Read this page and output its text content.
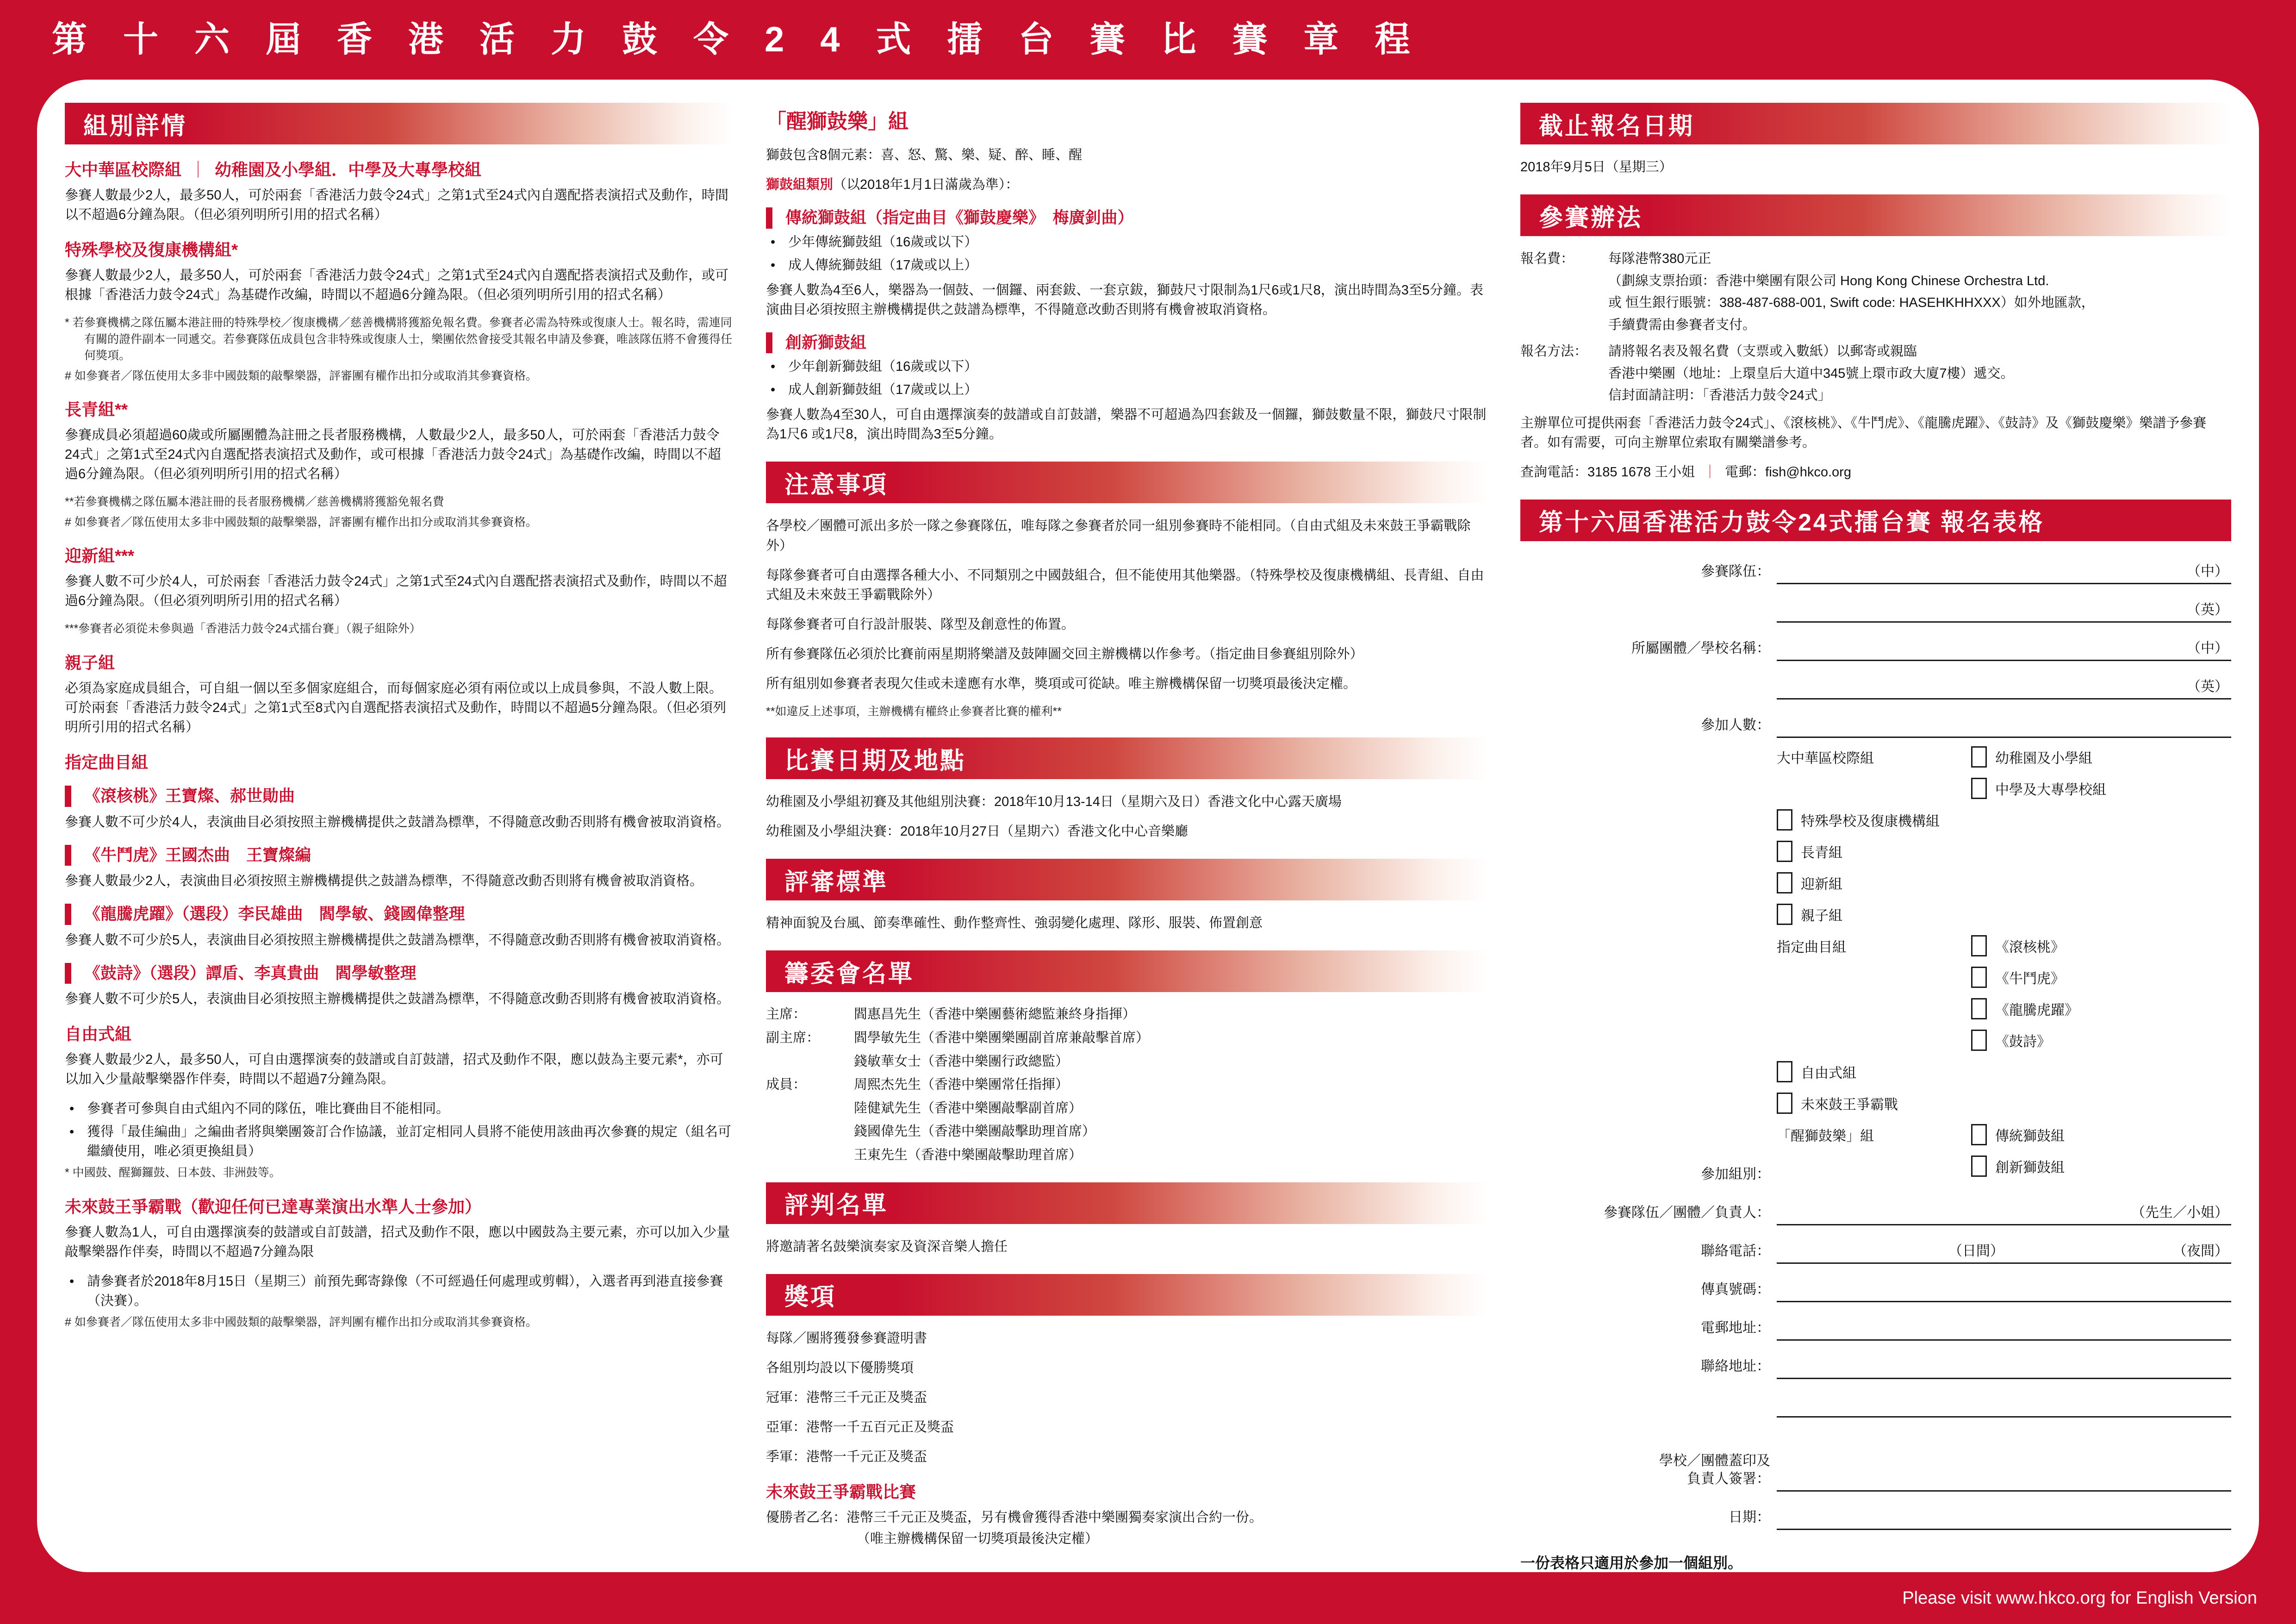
第十六屆香港活力鼓令24式擂台賽比賽章程
組別詳情
大中華區校際組 ｜ 幼稚園及小學組．中學及大專學校組

參賽人數最少2人，最多50人，可於兩套「香港活力鼓令24式」之第1式至24式內自選配搭表演招式及動作，時間以不超過6分鐘為限。（但必須列明所引用的招式名稱）

特殊學校及復康機構組*

參賽人數最少2人，最多50人，可於兩套「香港活力鼓令24式」之第1式至24式內自選配搭表演招式及動作，或可根據「香港活力鼓令24式」為基礎作改編，時間以不超過6分鐘為限。（但必須列明所引用的招式名稱）

* 若參賽機構之隊伍屬本港註冊的特殊學校／復康機構／慈善機構將獲豁免報名費。參賽者必需為特殊或復康人士。報名時，需連同有關的證件副本一同遞交。若參賽隊伍成員包含非特殊或復康人士，樂團依然會接受其報名申請及參賽，唯該隊伍將不會獲得任何獎項。

# 如參賽者／隊伍使用太多非中國鼓類的敲擊樂器，評審團有權作出扣分或取消其參賽資格。

長青組**

參賽成員必須超過60歲或所屬團體為註冊之長者服務機構，人數最少2人，最多50人，可於兩套「香港活力鼓令24式」之第1式至24式內自選配搭表演招式及動作，或可根據「香港活力鼓令24式」為基礎作改編，時間以不超過6分鐘為限。（但必須列明所引用的招式名稱）

**若參賽機構之隊伍屬本港註冊的長者服務機構／慈善機構將獲豁免報名費

# 如參賽者／隊伍使用太多非中國鼓類的敲擊樂器，評審團有權作出扣分或取消其參賽資格。

迎新組***

參賽人數不可少於4人，可於兩套「香港活力鼓令24式」之第1式至24式內自選配搭表演招式及動作，時間以不超過6分鐘為限。（但必須列明所引用的招式名稱）

***參賽者必須從未參與過「香港活力鼓令24式擂台賽」（親子組除外）

親子組

必須為家庭成員組合，可自組一個以至多個家庭組合，而每個家庭必須有兩位或以上成員參與，不設人數上限。可於兩套「香港活力鼓令24式」之第1式至8式內自選配搭表演招式及動作，時間以不超過5分鐘為限。（但必須列明所引用的招式名稱）

指定曲目組
《滾核桃》王寶燦、郝世勛曲

參賽人數不可少於4人，表演曲目必須按照主辦機構提供之鼓譜為標準，不得隨意改動否則將有機會被取消資格。

《牛鬥虎》王國杰曲　王寶燦編

參賽人數最少2人，表演曲目必須按照主辦機構提供之鼓譜為標準，不得隨意改動否則將有機會被取消資格。

《龍騰虎躍》（選段）李民雄曲　閻學敏、錢國偉整理

參賽人數不可少於5人，表演曲目必須按照主辦機構提供之鼓譜為標準，不得隨意改動否則將有機會被取消資格。

《鼓詩》（選段）譚盾、李真貴曲　閻學敏整理

參賽人數不可少於5人，表演曲目必須按照主辦機構提供之鼓譜為標準，不得隨意改動否則將有機會被取消資格。

自由式組

參賽人數最少2人，最多50人，可自由選擇演奏的鼓譜或自訂鼓譜，招式及動作不限，應以鼓為主要元素*，亦可以加入少量敲擊樂器作伴奏，時間以不超過7分鐘為限。

• 參賽者可參與自由式組內不同的隊伍，唯比賽曲目不能相同。

• 獲得「最佳編曲」之編曲者將與樂團簽訂合作協議，並訂定相同人員將不能使用該曲再次參賽的規定（組名可繼續使用，唯必須更換組員）

* 中國鼓、醒獅鑼鼓、日本鼓、非洲鼓等。

未來鼓王爭霸戰（歡迎任何已達專業演出水準人士參加）

參賽人數為1人，可自由選擇演奏的鼓譜或自訂鼓譜，招式及動作不限，應以中國鼓為主要元素，亦可以加入少量敲擊樂器作伴奏，時間以不超過7分鐘為限

• 請參賽者於2018年8月15日（星期三）前預先郵寄錄像（不可經過任何處理或剪輯），入選者再到港直接參賽（決賽）。

# 如參賽者／隊伍使用太多非中國鼓類的敲擊樂器，評判團有權作出扣分或取消其參賽資格。

「醒獅鼓樂」組

獅鼓包含8個元素：喜、怒、驚、樂、疑、醉、睡、醒

獅鼓組類別（以2018年1月1日滿歲為準）：

傳統獅鼓組（指定曲目《獅鼓慶樂》　梅廣釗曲）

• 少年傳統獅鼓組（16歲或以下）

• 成人傳統獅鼓組（17歲或以上）

參賽人數為4至6人，樂器為一個鼓、一個鑼、兩套鈸、一套京鈸，獅鼓尺寸限制為1尺6或1尺8，演出時間為3至5分鐘。表演曲目必須按照主辦機構提供之鼓譜為標準，不得隨意改動否則將有機會被取消資格。

創新獅鼓組

• 少年創新獅鼓組（16歲或以下）

• 成人創新獅鼓組（17歲或以上）

參賽人數為4至30人，可自由選擇演奏的鼓譜或自訂鼓譜，樂器不可超過為四套鈸及一個鑼，獅鼓數量不限，獅鼓尺寸限制為1尺6 或1尺8，演出時間為3至5分鐘。

注意事項

各學校／團體可派出多於一隊之參賽隊伍，唯每隊之參賽者於同一組別參賽時不能相同。（自由式組及未來鼓王爭霸戰除外）

每隊參賽者可自由選擇各種大小、不同類別之中國鼓組合，但不能使用其他樂器。（特殊學校及復康機構組、長青組、自由式組及未來鼓王爭霸戰除外）

每隊參賽者可自行設計服裝、隊型及創意性的佈置。

所有參賽隊伍必須於比賽前兩星期將樂譜及鼓陣圖交回主辦機構以作參考。（指定曲目參賽組別除外）

所有組別如參賽者表現欠佳或未達應有水準，獎項或可從缺。唯主辦機構保留一切獎項最後決定權。

**如違反上述事項，主辦機構有權終止參賽者比賽的權利**

比賽日期及地點

幼稚園及小學組初賽及其他組別決賽：2018年10月13-14日（星期六及日）香港文化中心露天廣場

幼稚園及小學組決賽：2018年10月27日（星期六）香港文化中心音樂廳

評審標準

精神面貌及台風、節奏準確性、動作整齊性、強弱變化處理、隊形、服裝、佈置創意

籌委會名單
主席：	閻惠昌先生（香港中樂團藝術總監兼終身指揮）
副主席：	閻學敏先生（香港中樂團樂團副首席兼敲擊首席）
錢敏華女士（香港中樂團行政總監）
成員：	周熙杰先生（香港中樂團常任指揮）
陸健斌先生（香港中樂團敲擊副首席）
錢國偉先生（香港中樂團敲擊助理首席）
王東先生（香港中樂團敲擊助理首席）
評判名單

將邀請著名鼓樂演奏家及資深音樂人擔任

獎項

每隊／團將獲發參賽證明書

各組別均設以下優勝獎項

冠軍：港幣三千元正及獎盃

亞軍：港幣一千五百元正及獎盃

季軍：港幣一千元正及獎盃

未來鼓王爭霸戰比賽

優勝者乙名：港幣三千元正及獎盃，另有機會獲得香港中樂團獨奏家演出合約一份。

（唯主辦機構保留一切獎項最後決定權）

截止報名日期

2018年9月5日（星期三）

參賽辦法
報名費：	每隊港幣380元正

（劃線支票抬頭：香港中樂團有限公司 Hong Kong Chinese Orchestra Ltd.

或 恒生銀行賬號：388-487-688-001, Swift code: HASEHKHHXXX）如外地匯款，

手續費需由參賽者支付。

報名方法：	請將報名表及報名費（支票或入數紙）以郵寄或親臨

香港中樂團（地址：上環皇后大道中345號上環市政大廈7樓）遞交。

信封面請註明：「香港活力鼓令24式」

主辦單位可提供兩套「香港活力鼓令24式」、《滾核桃》、《牛鬥虎》、《龍騰虎躍》、《鼓詩》及《獅鼓慶樂》樂譜予參賽者。如有需要，可向主辦單位索取有關樂譜參考。

查詢電話：3185 1678 王小姐 ｜ 電郵：fish@hkco.org

第十六屆香港活力鼓令24式擂台賽 報名表格
參賽隊伍：	（中）
（英）
所屬團體／學校名稱：	（中）
（英）
參加人數：
參加組別：
大中華區校際組	幼稚園及小學組
中學及大專學校組
特殊學校及復康機構組
長青組
迎新組
親子組
指定曲目組	《滾核桃》
《牛鬥虎》
《龍騰虎躍》
《鼓詩》
自由式組
未來鼓王爭霸戰
「醒獅鼓樂」組	傳統獅鼓組
創新獅鼓組
參賽隊伍／團體／負責人：	（先生／小姐）
聯絡電話：	（日間）	（夜間）
傳真號碼：
電郵地址：
聯絡地址：
學校／團體蓋印及
負責人簽署：
日期：

一份表格只適用於參加一個組別。

Please visit www.hkco.org for English Version
